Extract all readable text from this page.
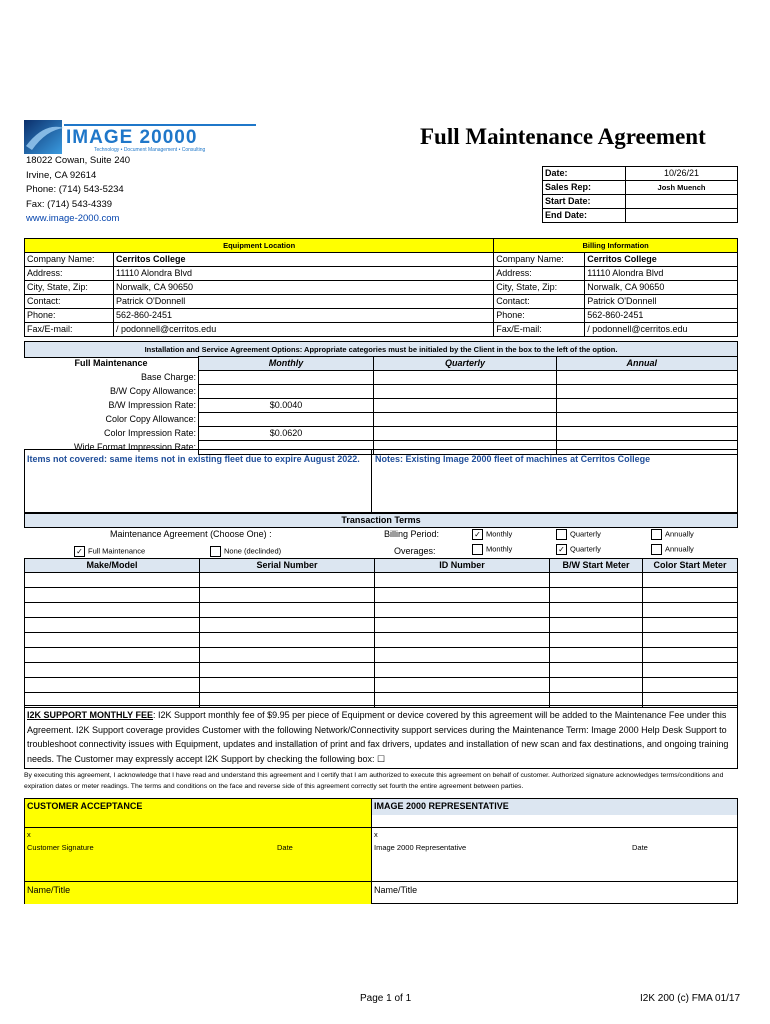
IMAGE 20000
Technology • Document Management • Consulting
Full Maintenance Agreement
18022 Cowan, Suite 240
Irvine, CA 92614
Phone: (714) 543-5234
Fax: (714) 543-4339
www.image-2000.com
Date:	10/26/21
Sales Rep:	Josh Muench
Start Date:	
End Date:	
Equipment Location		Billing Information	
Company Name:	Cerritos College	Company Name:	Cerritos College
Address:	11110 Alondra Blvd	Address:	11110 Alondra Blvd
City, State, Zip:	Norwalk, CA 90650	City, State, Zip:	Norwalk, CA 90650
Contact:	Patrick O'Donnell	Contact:	Patrick O'Donnell
Phone:	562-860-2451	Phone:	562-860-2451
Fax/E-mail:	/ podonnell@cerritos.edu	Fax/E-mail:	/ podonnell@cerritos.edu
Installation and Service Agreement Options: Appropriate categories must be initialed by the Client in the box to the left of the option.
Full Maintenance	Monthly	Quarterly	Annual
Base Charge:			
B/W Copy Allowance:			
B/W Impression Rate:	$0.0040		
Color Copy Allowance:			
Color Impression Rate:	$0.0620		
Wide Format Impression Rate:			
Items not covered: same items not in existing fleet due to expire August 2022.	Notes: Existing Image 2000 fleet of machines at Cerritos College
Transaction Terms
Maintenance Agreement (Choose One) :
✓ Full Maintenance	None (declinded)
Billing Period:	✓ Monthly	Quarterly	Annually
Overages:	Monthly	✓ Quarterly	Annually
Make/Model	Serial Number	ID Number	B/W Start Meter	Color Start Meter

I2K SUPPORT MONTHLY FEE: I2K Support monthly fee of $9.95 per piece of Equipment or device covered by this agreement will be added to the Maintenance Fee under this Agreement. I2K Support coverage provides Customer with the following Network/Connectivity support services during the Maintenance Term: Image 2000 Help Desk Support to troubleshoot connectivity issues with Equipment, updates and installation of print and fax drivers, updates and installation of new scan and fax destinations, and ongoing training needs. The Customer may expressly accept I2K Support by checking the following box: ☐
By executing this agreement, I acknowledge that I have read and understand this agreement and I certify that I am authorized to execute this agreement on behalf of customer. Authorized signature acknowledges terms/conditions and expiration dates or meter readings. The terms and conditions on the face and reverse side of this agreement correctly set fourth the entire agreement between parties.
CUSTOMER ACCEPTANCE	IMAGE 2000 REPRESENTATIVE
x
Customer Signature	Date
x
Image 2000 Representative	Date
Name/Title	Name/Title
Page 1 of 1	I2K 200 (c) FMA 01/17
